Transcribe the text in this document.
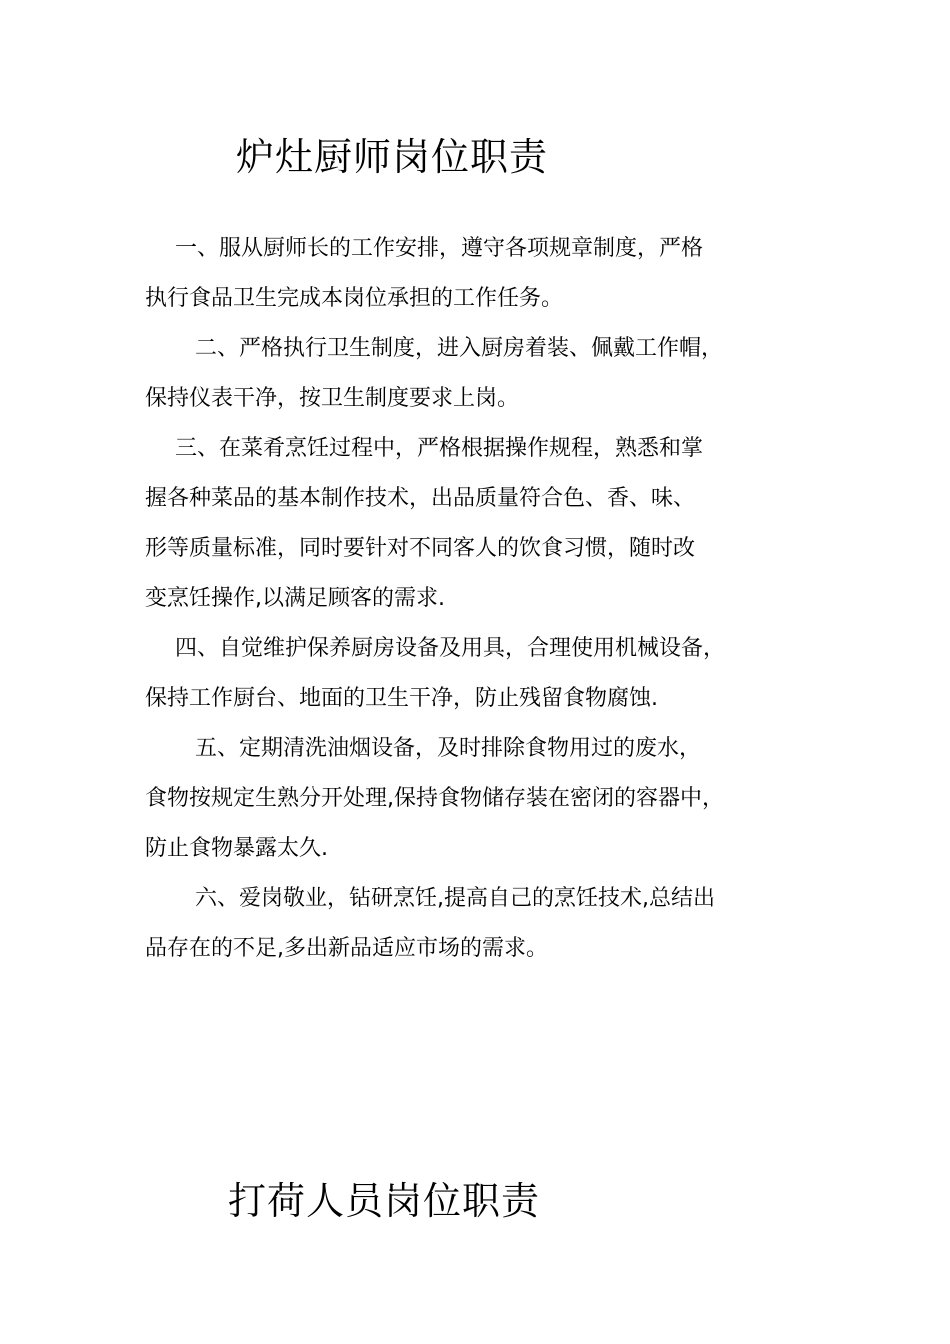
炉灶厨师岗位职责
一、服从厨师长的工作安排，遵守各项规章制度，严格
执行食品卫生完成本岗位承担的工作任务。
二、严格执行卫生制度，进入厨房着装、佩戴工作帽，
保持仪表干净，按卫生制度要求上岗。
三、在菜肴烹饪过程中，严格根据操作规程，熟悉和掌
握各种菜品的基本制作技术，出品质量符合色、香、味、
形等质量标准，同时要针对不同客人的饮食习惯，随时改
变烹饪操作,以满足顾客的需求.
四、自觉维护保养厨房设备及用具，合理使用机械设备，
保持工作厨台、地面的卫生干净，防止残留食物腐蚀.
五、定期清洗油烟设备，及时排除食物用过的废水，
食物按规定生熟分开处理,保持食物储存装在密闭的容器中，
防止食物暴露太久.
六、爱岗敬业，钻研烹饪,提高自己的烹饪技术,总结出
品存在的不足,多出新品适应市场的需求。
打荷人员岗位职责
